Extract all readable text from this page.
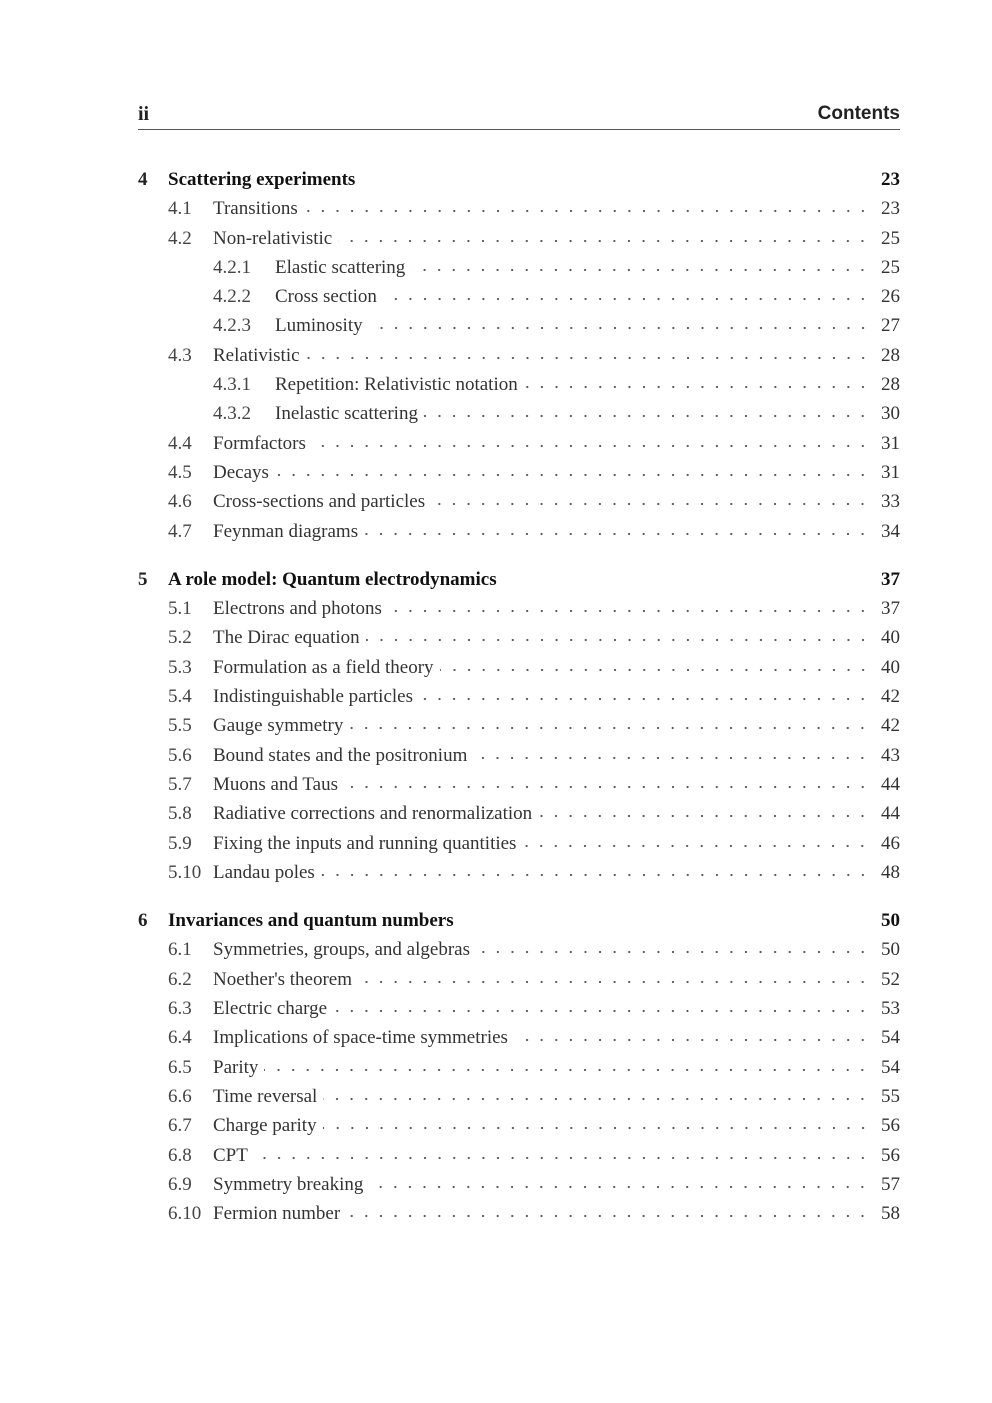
ii	Contents
4	Scattering experiments	23
4.1	Transitions	23
4.2	Non-relativistic	25
4.2.1	Elastic scattering	25
4.2.2	Cross section	26
4.2.3	Luminosity	27
4.3	Relativistic	28
4.3.1	Repetition: Relativistic notation	28
4.3.2	Inelastic scattering	30
4.4	Formfactors	31
4.5	Decays	31
4.6	Cross-sections and particles	33
4.7	Feynman diagrams	34
5	A role model: Quantum electrodynamics	37
5.1	Electrons and photons	37
5.2	The Dirac equation	40
5.3	Formulation as a field theory	40
5.4	Indistinguishable particles	42
5.5	Gauge symmetry	42
5.6	Bound states and the positronium	43
5.7	Muons and Taus	44
5.8	Radiative corrections and renormalization	44
5.9	Fixing the inputs and running quantities	46
5.10 Landau poles	48
6	Invariances and quantum numbers	50
6.1	Symmetries, groups, and algebras	50
6.2	Noether's theorem	52
6.3	Electric charge	53
6.4	Implications of space-time symmetries	54
6.5	Parity	54
6.6	Time reversal	55
6.7	Charge parity	56
6.8	CPT	56
6.9	Symmetry breaking	57
6.10 Fermion number	58
